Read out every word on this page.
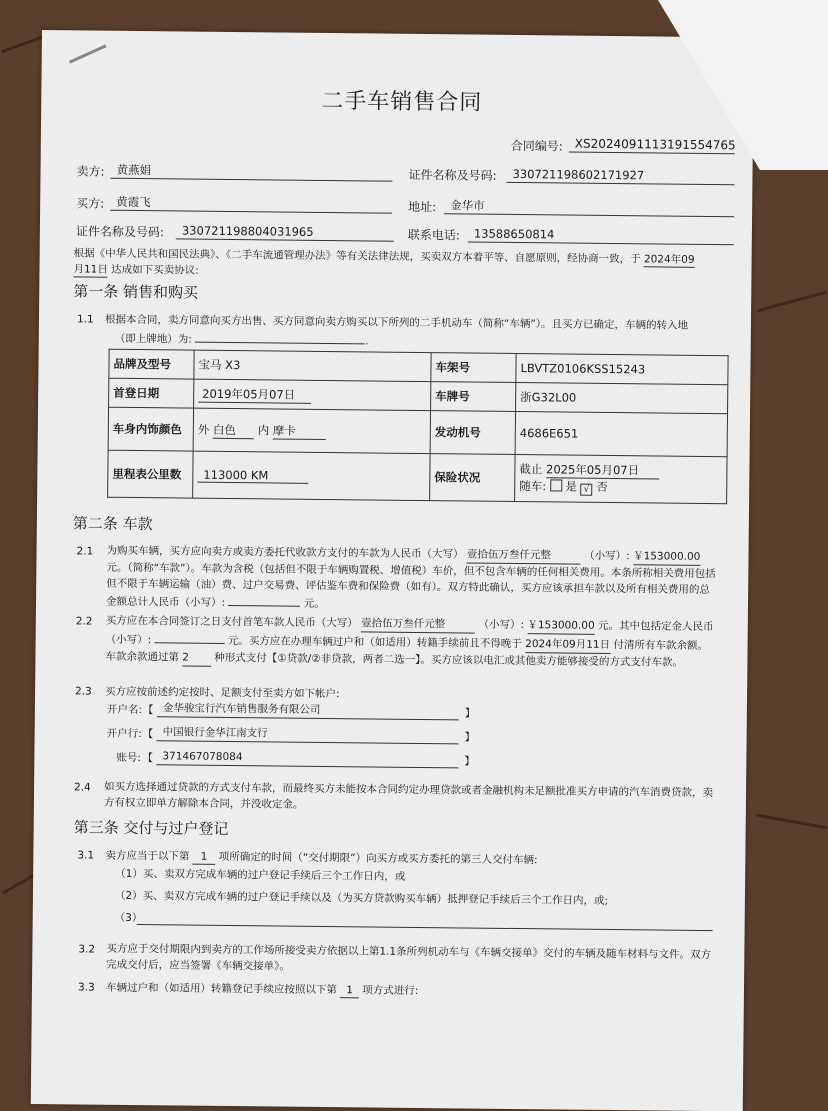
二手车销售合同
合同编号: XS2024091113191554765
卖方:	黄燕娟	证件名称及号码:	330721198602171927
买方:	黄霞飞	地址:	金华市
证件名称及号码:	330721198804031965	联系电话:	13588650814
根据《中华人民共和国民法典》、《二手车流通管理办法》等有关法律法规，买卖双方本着平等、自愿原则，经协商一致，于 2024年09
月11日 达成如下买卖协议:
第一条 销售和购买
1.1 根据本合同，卖方同意向买方出售、买方同意向卖方购买以下所列的二手机动车（简称“车辆”）。且买方已确定，车辆的转入地
（即上牌地）为:	.
品牌及型号	宝马 X3	车架号	LBVTZ0106KSS15243
首登日期	2019年05月07日	车牌号	浙G32L00
车身内饰颜色	外 白色 内 摩卡	发动机号	4686E651
里程表公里数	113000 KM	保险状况	截止 2025年05月07日
随车: 是 √ 否
第二条 车款
2.1 为购买车辆，买方应向卖方或卖方委托代收款方支付的车款为人民币（大写） 壹拾伍万叁仟元整	（小写）: ￥153000.00 元。（简称“车款”）。车款为含税（包括但不限于车辆购置税、增值税）车价，但不包含车辆的任何相关费用。本条所称相关费用包括但不限于车辆运输（油）费、过户交易费、评估鉴车费和保险费（如有）。双方特此确认，买方应该承担车款以及所有相关费用的总金额总计人民币（小写）:	元。
2.2 买方应在本合同签订之日支付首笔车款人民币（大写） 壹拾伍万叁仟元整	（小写）: ￥153000.00 元。其中包括定金人民币（小写）:	元。买方应在办理车辆过户和（如适用）转籍手续前且不得晚于 2024年09月11日 付清所有车款余额。车款余款通过第 2 种形式支付【①贷款/②非贷款，两者二选一】。买方应该以电汇或其他卖方能够接受的方式支付车款。
2.3 买方应按前述约定按时、足额支付至卖方如下帐户:
开户名: 【 金华骏宝行汽车销售服务有限公司	】
开户行: 【 中国银行金华江南支行	】
账号: 【 371467078084	】
2.4 如买方选择通过贷款的方式支付车款，而最终买方未能按本合同约定办理贷款或者金融机构未足额批准买方申请的汽车消费贷款，卖方有权立即单方解除本合同，并没收定金。
第三条 交付与过户登记
3.1 卖方应当于以下第 1 项所确定的时间（“交付期限”）向买方或买方委托的第三人交付车辆:
（1）买、卖双方完成车辆的过户登记手续后三个工作日内，或
（2）买、卖双方完成车辆的过户登记手续以及（为买方贷款购买车辆）抵押登记手续后三个工作日内，或;
（3）
3.2 买方应于交付期限内到卖方的工作场所接受卖方依据以上第1.1条所列机动车与《车辆交接单》交付的车辆及随车材料与文件。双方完成交付后，应当签署《车辆交接单》。
3.3 车辆过户和（如适用）转籍登记手续应按照以下第 1 项方式进行:
